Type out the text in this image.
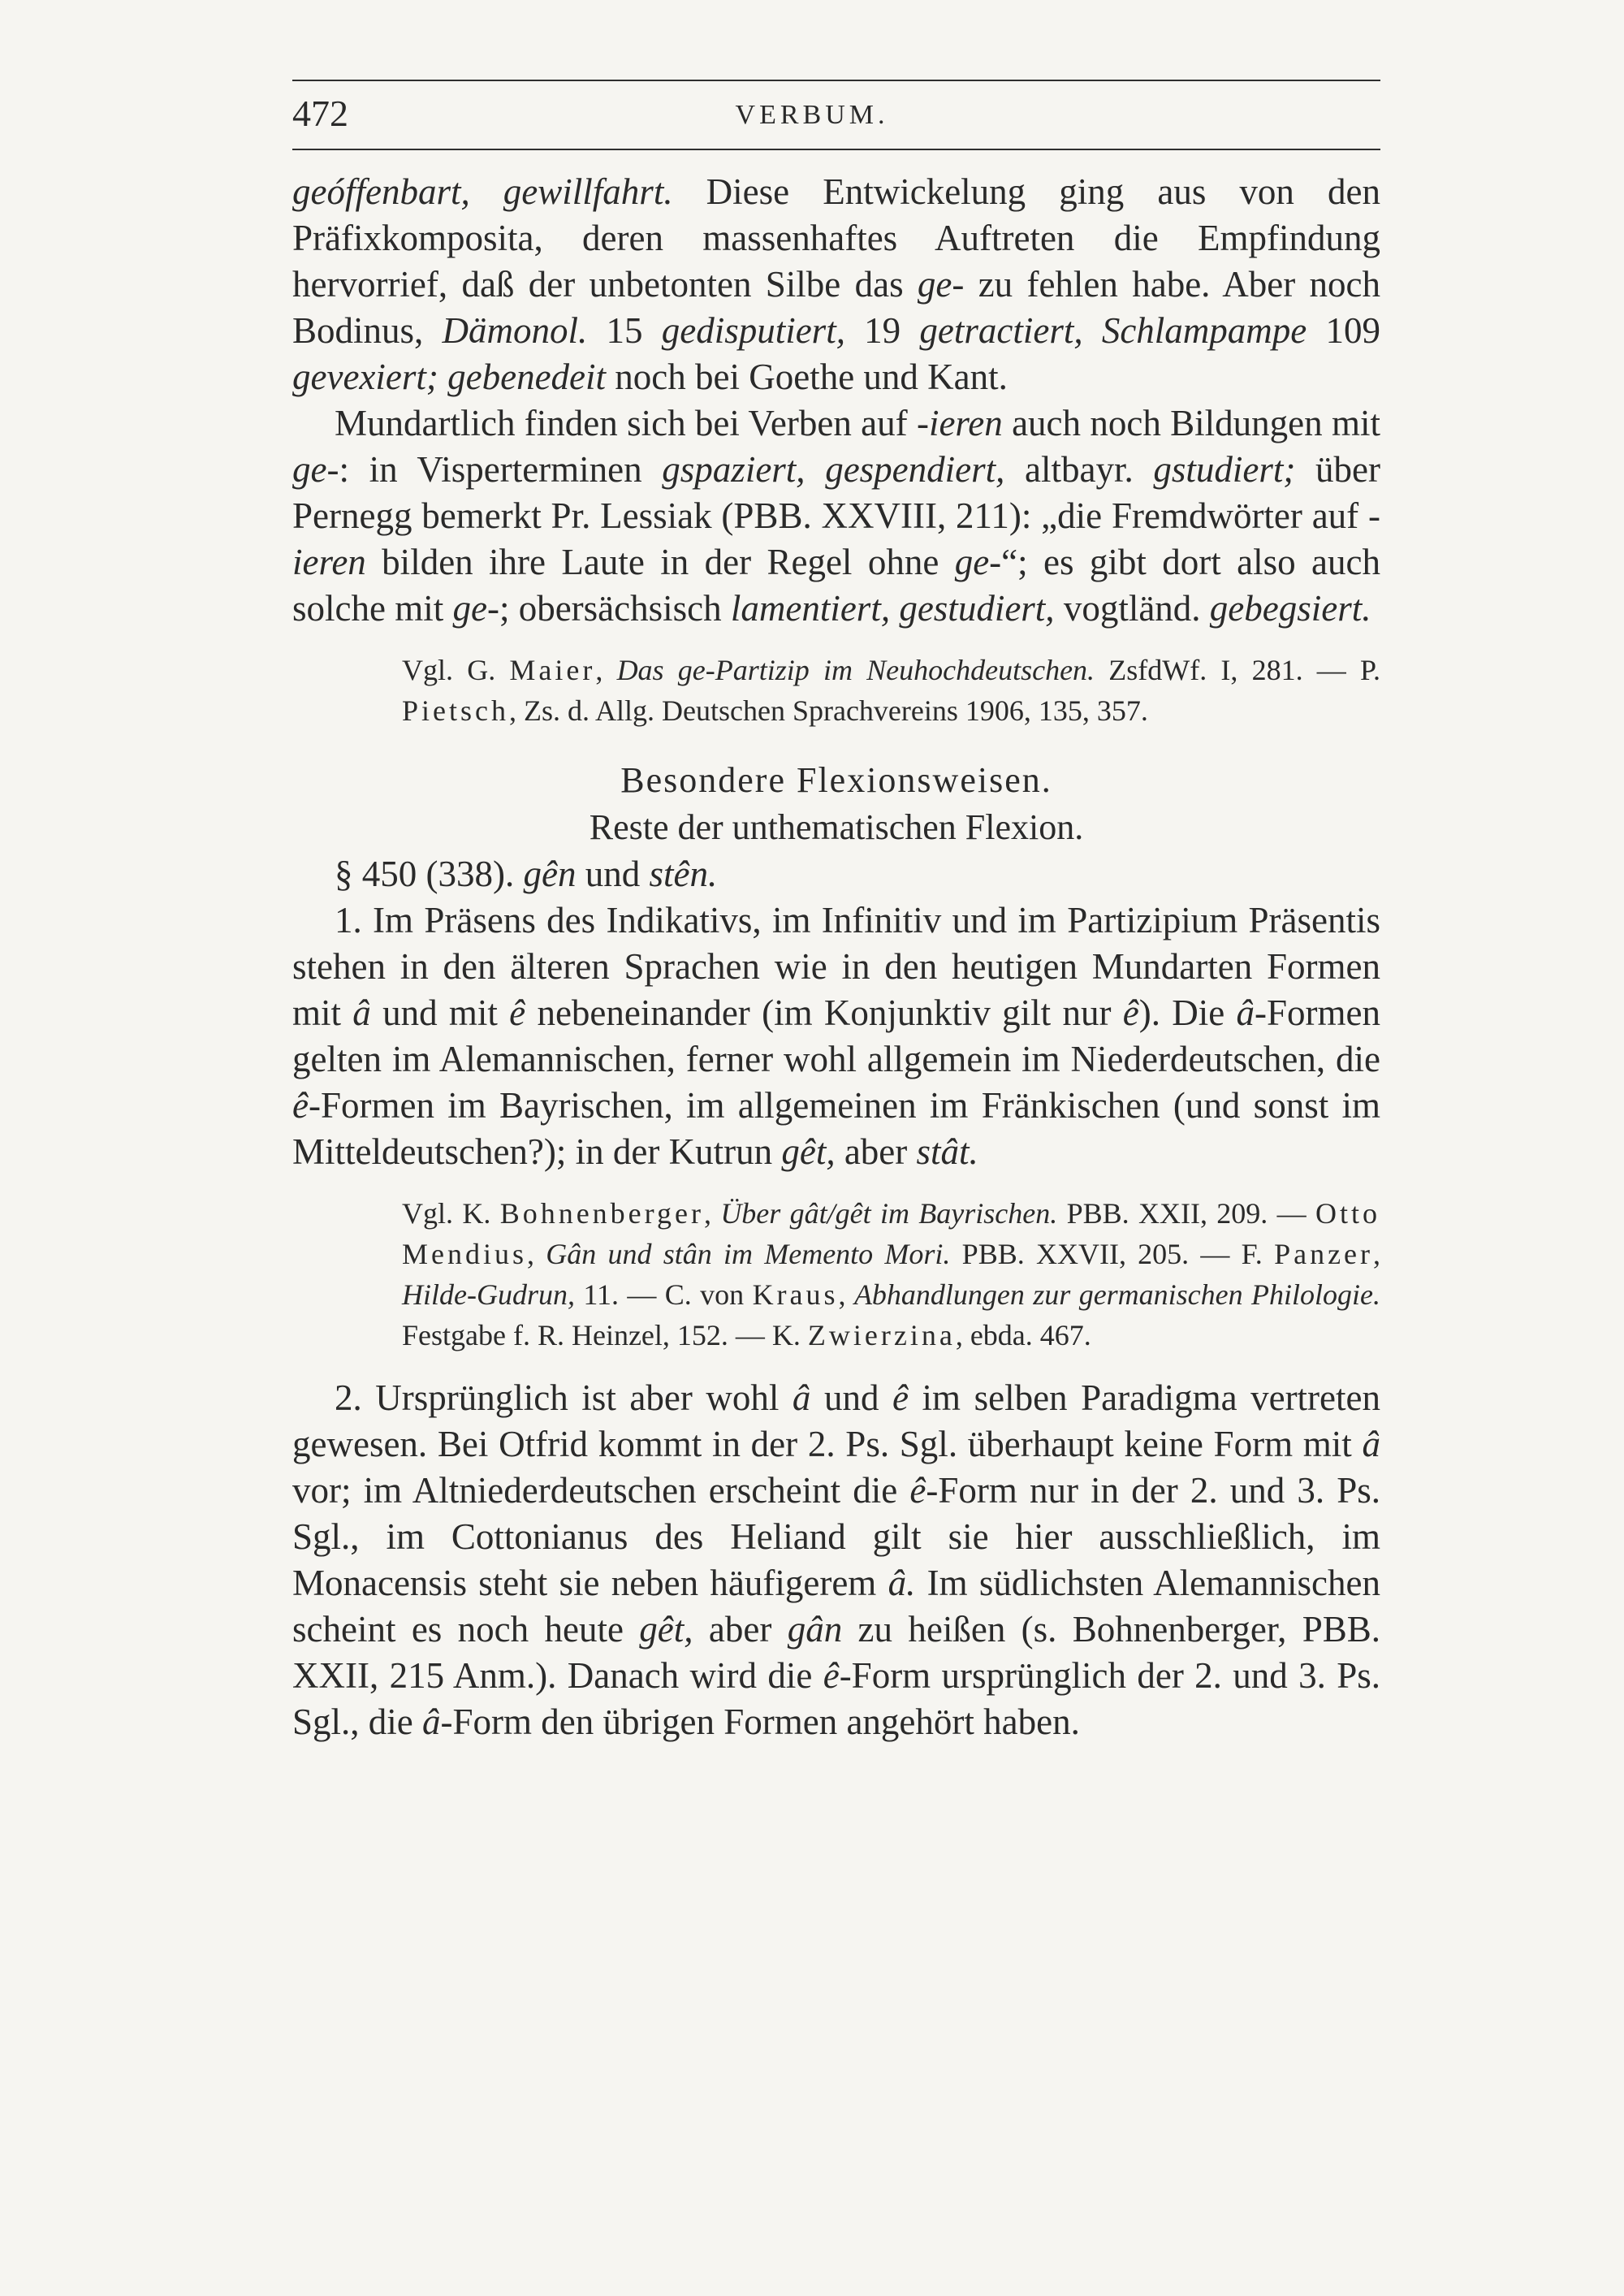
472	VERBUM.

geóffenbart, gewillfahrt. Diese Entwickelung ging aus von den Präfixkomposita, deren massenhaftes Auftreten die Empfindung hervorrief, daß der unbetonten Silbe das ge- zu fehlen habe. Aber noch Bodinus, Dämonol. 15 gedisputiert, 19 getractiert, Schlampampe 109 gevexiert; gebenedeit noch bei Goethe und Kant.

Mundartlich finden sich bei Verben auf -ieren auch noch Bildungen mit ge-: in Visperterminen gspaziert, gespendiert, altbayr. gstudiert; über Pernegg bemerkt Pr. Lessiak (PBB. XXVIII, 211): „die Fremdwörter auf -ieren bilden ihre Laute in der Regel ohne ge-“; es gibt dort also auch solche mit ge-; obersächsisch lamentiert, gestudiert, vogtländ. gebegsiert.

Vgl. G. Maier, Das ge-Partizip im Neuhochdeutschen. ZsfdWf. I, 281. — P. Pietsch, Zs. d. Allg. Deutschen Sprachvereins 1906, 135, 357.

Besondere Flexionsweisen.

Reste der unthematischen Flexion.

§ 450 (338). gên und stên.

1. Im Präsens des Indikativs, im Infinitiv und im Partizipium Präsentis stehen in den älteren Sprachen wie in den heutigen Mundarten Formen mit â und mit ê nebeneinander (im Konjunktiv gilt nur ê). Die â-Formen gelten im Alemannischen, ferner wohl allgemein im Niederdeutschen, die ê-Formen im Bayrischen, im allgemeinen im Fränkischen (und sonst im Mitteldeutschen?); in der Kutrun gêt, aber stât.

Vgl. K. Bohnenberger, Über gât/gêt im Bayrischen. PBB. XXII, 209. — Otto Mendius, Gân und stân im Memento Mori. PBB. XXVII, 205. — F. Panzer, Hilde-Gudrun, 11. — C. von Kraus, Abhandlungen zur germanischen Philologie. Festgabe f. R. Heinzel, 152. — K. Zwierzina, ebda. 467.

2. Ursprünglich ist aber wohl â und ê im selben Paradigma vertreten gewesen. Bei Otfrid kommt in der 2. Ps. Sgl. überhaupt keine Form mit â vor; im Altniederdeutschen erscheint die ê-Form nur in der 2. und 3. Ps. Sgl., im Cottonianus des Heliand gilt sie hier ausschließlich, im Monacensis steht sie neben häufigerem â. Im südlichsten Alemannischen scheint es noch heute gêt, aber gân zu heißen (s. Bohnenberger, PBB. XXII, 215 Anm.). Danach wird die ê-Form ursprünglich der 2. und 3. Ps. Sgl., die â-Form den übrigen Formen angehört haben.
